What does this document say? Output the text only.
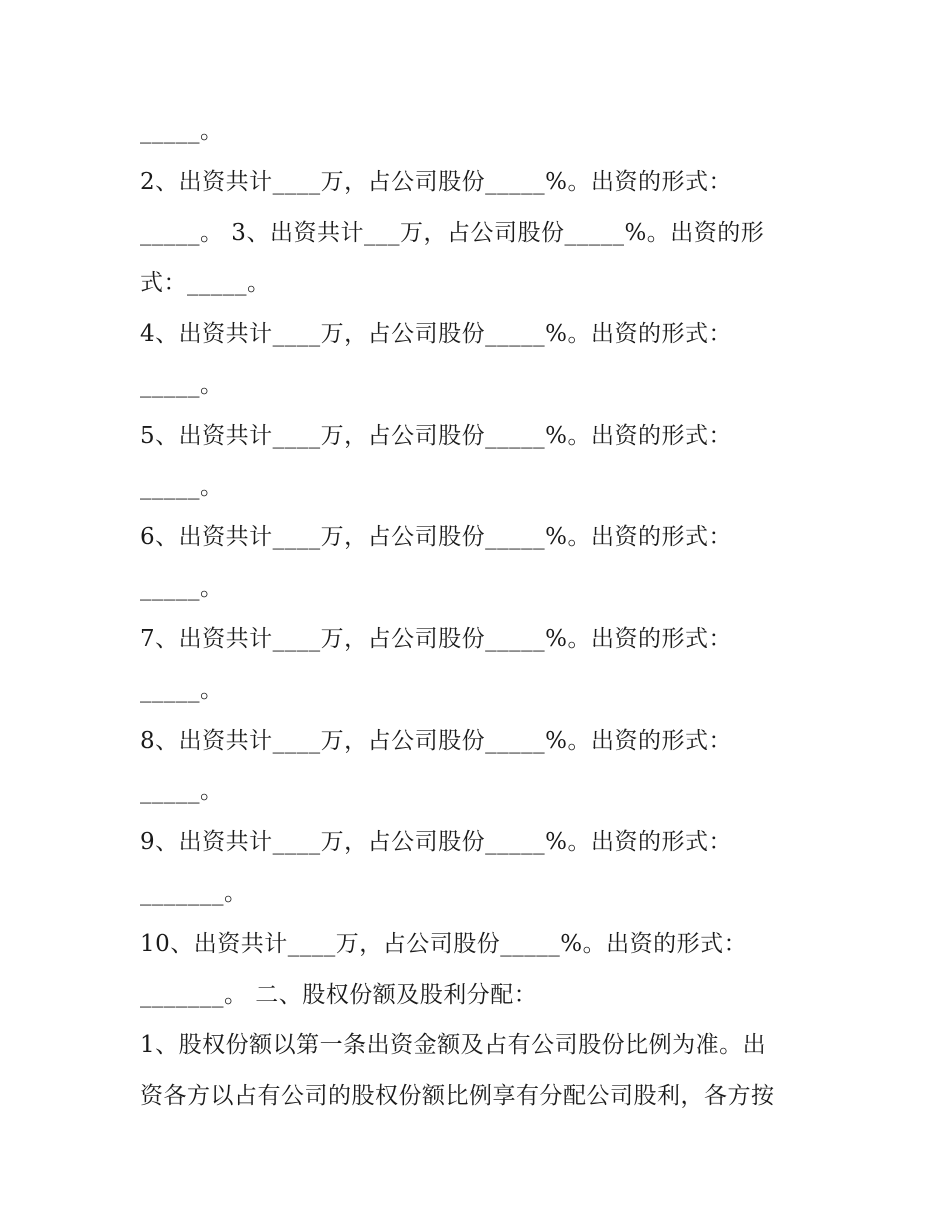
_____。
2、出资共计____万，占公司股份_____%。出资的形式：
_____。 3、出资共计___万，占公司股份_____%。出资的形
式：_____。
4、出资共计____万，占公司股份_____%。出资的形式：
_____。
5、出资共计____万，占公司股份_____%。出资的形式：
_____。
6、出资共计____万，占公司股份_____%。出资的形式：
_____。
7、出资共计____万，占公司股份_____%。出资的形式：
_____。
8、出资共计____万，占公司股份_____%。出资的形式：
_____。
9、出资共计____万，占公司股份_____%。出资的形式：
_______。
10、出资共计____万，占公司股份_____%。出资的形式：
_______。 二、股权份额及股利分配：
1、股权份额以第一条出资金额及占有公司股份比例为准。出
资各方以占有公司的股权份额比例享有分配公司股利，各方按
